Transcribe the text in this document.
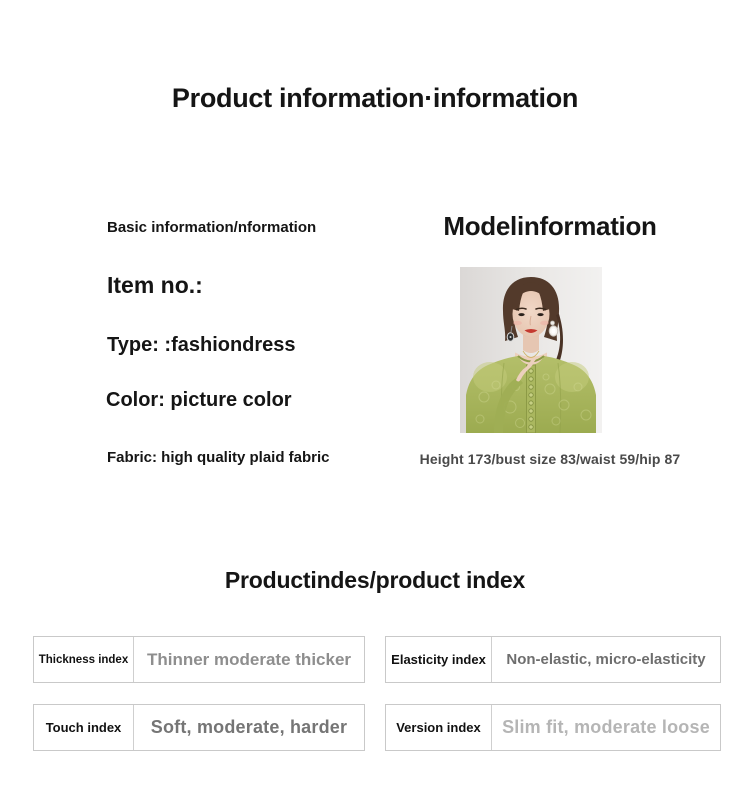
Product information·information
Basic information/nformation
Item no.:
Type: :fashiondress
Color: picture color
Fabric: high quality plaid fabric
Modelinformation
Height 173/bust size 83/waist 59/hip 87
Productindes/product index
Thickness index	Thinner moderate thicker	Elasticity index	Non-elastic, micro-elasticity
Touch index	Soft, moderate, harder	Version index	Slim fit, moderate loose
